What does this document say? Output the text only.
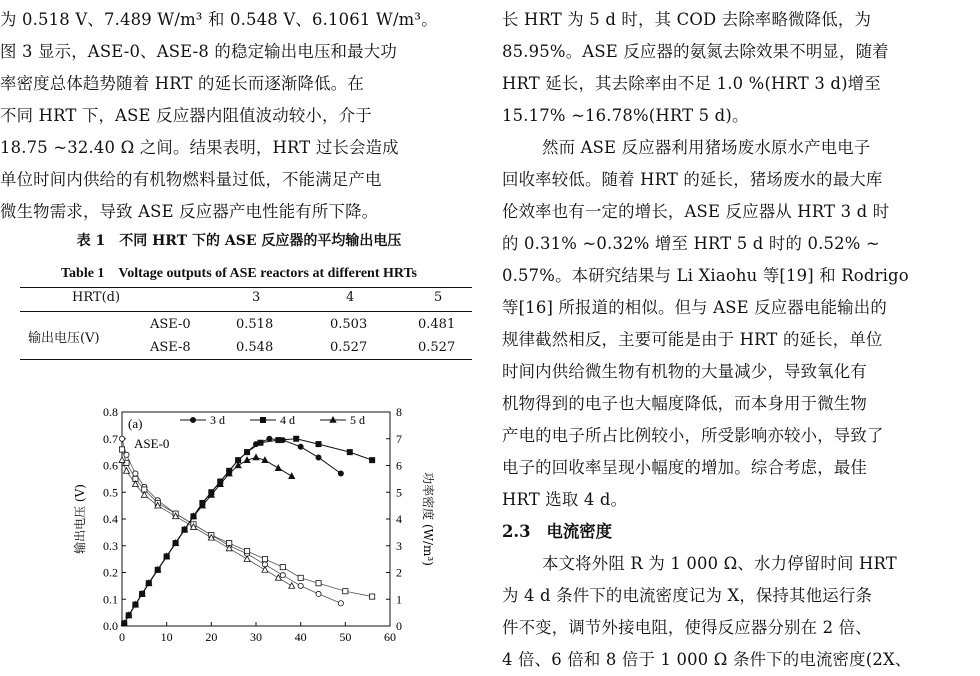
为 0.518 V、7.489 W/m³ 和 0.548 V、6.1061 W/m³。

图 3 显示，ASE-0、ASE-8 的稳定输出电压和最大功

率密度总体趋势随着 HRT 的延长而逐渐降低。在

不同 HRT 下，ASE 反应器内阻值波动较小，介于

18.75 ~32.40 Ω 之间。结果表明，HRT 过长会造成

单位时间内供给的有机物燃料量过低，不能满足产电

微生物需求，导致 ASE 反应器产电性能有所下降。

表 1　不同 HRT 下的 ASE 反应器的平均输出电压
Table 1　Voltage outputs of ASE reactors at different HRTs
HRT(d)	3	4	5
输出电压(V)
ASE-0	0.518	0.503	0.481
ASE-8	0.548	0.527	0.527
0	10	20	30	40	50	60
0.0
0.1
0.2
0.3
0.4
0.5
0.6
0.7
0.8
0
1
2
3
4
5
6
7
8
输出电压 (V)	功率密度 (W/m³)
(a)
ASE-0
3 d	4 d	5 d

长 HRT 为 5 d 时，其 COD 去除率略微降低，为

85.95%。ASE 反应器的氨氮去除效果不明显，随着

HRT 延长，其去除率由不足 1.0 %(HRT 3 d)增至

15.17% ~16.78%(HRT 5 d)。

然而 ASE 反应器利用猪场废水原水产电电子

回收率较低。随着 HRT 的延长，猪场废水的最大库

伦效率也有一定的增长，ASE 反应器从 HRT 3 d 时

的 0.31% ~0.32% 增至 HRT 5 d 时的 0.52% ~

0.57%。本研究结果与 Li Xiaohu 等[19] 和 Rodrigo

等[16] 所报道的相似。但与 ASE 反应器电能输出的

规律截然相反，主要可能是由于 HRT 的延长，单位

时间内供给微生物有机物的大量减少，导致氧化有

机物得到的电子也大幅度降低，而本身用于微生物

产电的电子所占比例较小，所受影响亦较小，导致了

电子的回收率呈现小幅度的增加。综合考虑，最佳

HRT 选取 4 d。

2.3 电流密度

本文将外阻 R 为 1 000 Ω、水力停留时间 HRT

为 4 d 条件下的电流密度记为 X，保持其他运行条

件不变，调节外接电阻，使得反应器分别在 2 倍、

4 倍、6 倍和 8 倍于 1 000 Ω 条件下的电流密度(2X、
